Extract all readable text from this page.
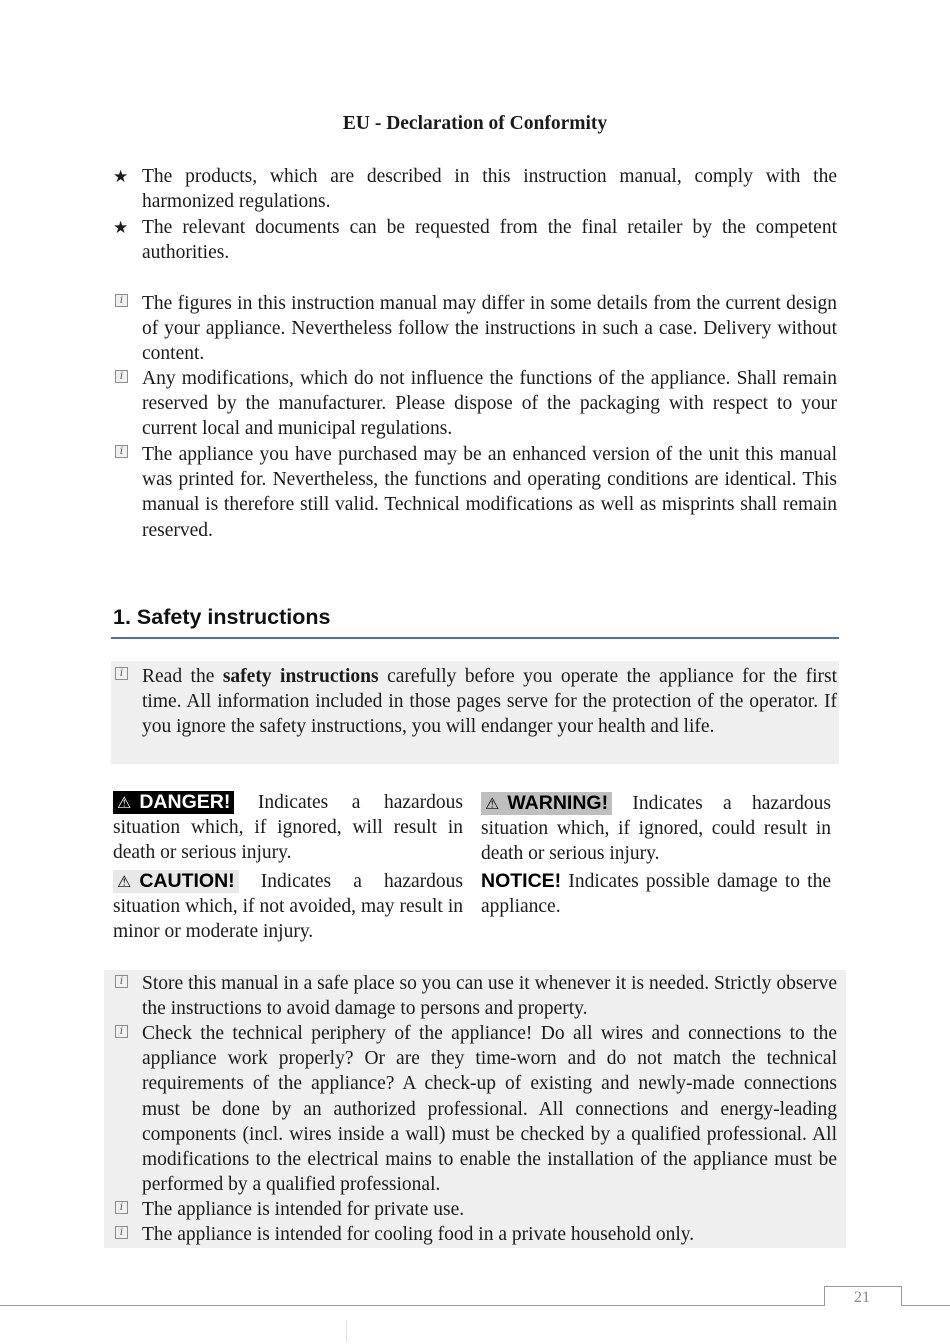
EU - Declaration of Conformity
★ The products, which are described in this instruction manual, comply with the harmonized regulations.
★ The relevant documents can be requested from the final retailer by the competent authorities.
i The figures in this instruction manual may differ in some details from the current design of your appliance. Nevertheless follow the instructions in such a case. Delivery without content.
i Any modifications, which do not influence the functions of the appliance. Shall remain reserved by the manufacturer. Please dispose of the packaging with respect to your current local and municipal regulations.
i The appliance you have purchased may be an enhanced version of the unit this manual was printed for. Nevertheless, the functions and operating conditions are identical. This manual is therefore still valid. Technical modifications as well as misprints shall remain reserved.
1. Safety instructions
i Read the safety instructions carefully before you operate the appliance for the first time. All information included in those pages serve for the protection of the operator. If you ignore the safety instructions, you will endanger your health and life.
⚠ DANGER! Indicates a hazardous situation which, if ignored, will result in death or serious injury.
⚠ CAUTION! Indicates a hazardous situation which, if not avoided, may result in minor or moderate injury.
⚠ WARNING! Indicates a hazardous situation which, if ignored, could result in death or serious injury.
NOTICE! Indicates possible damage to the appliance.
i Store this manual in a safe place so you can use it whenever it is needed. Strictly observe the instructions to avoid damage to persons and property.
i Check the technical periphery of the appliance! Do all wires and connections to the appliance work properly? Or are they time-worn and do not match the technical requirements of the appliance? A check-up of existing and newly-made connections must be done by an authorized professional. All connections and energy-leading components (incl. wires inside a wall) must be checked by a qualified professional. All modifications to the electrical mains to enable the installation of the appliance must be performed by a qualified professional.
i The appliance is intended for private use.
i The appliance is intended for cooling food in a private household only.
21
